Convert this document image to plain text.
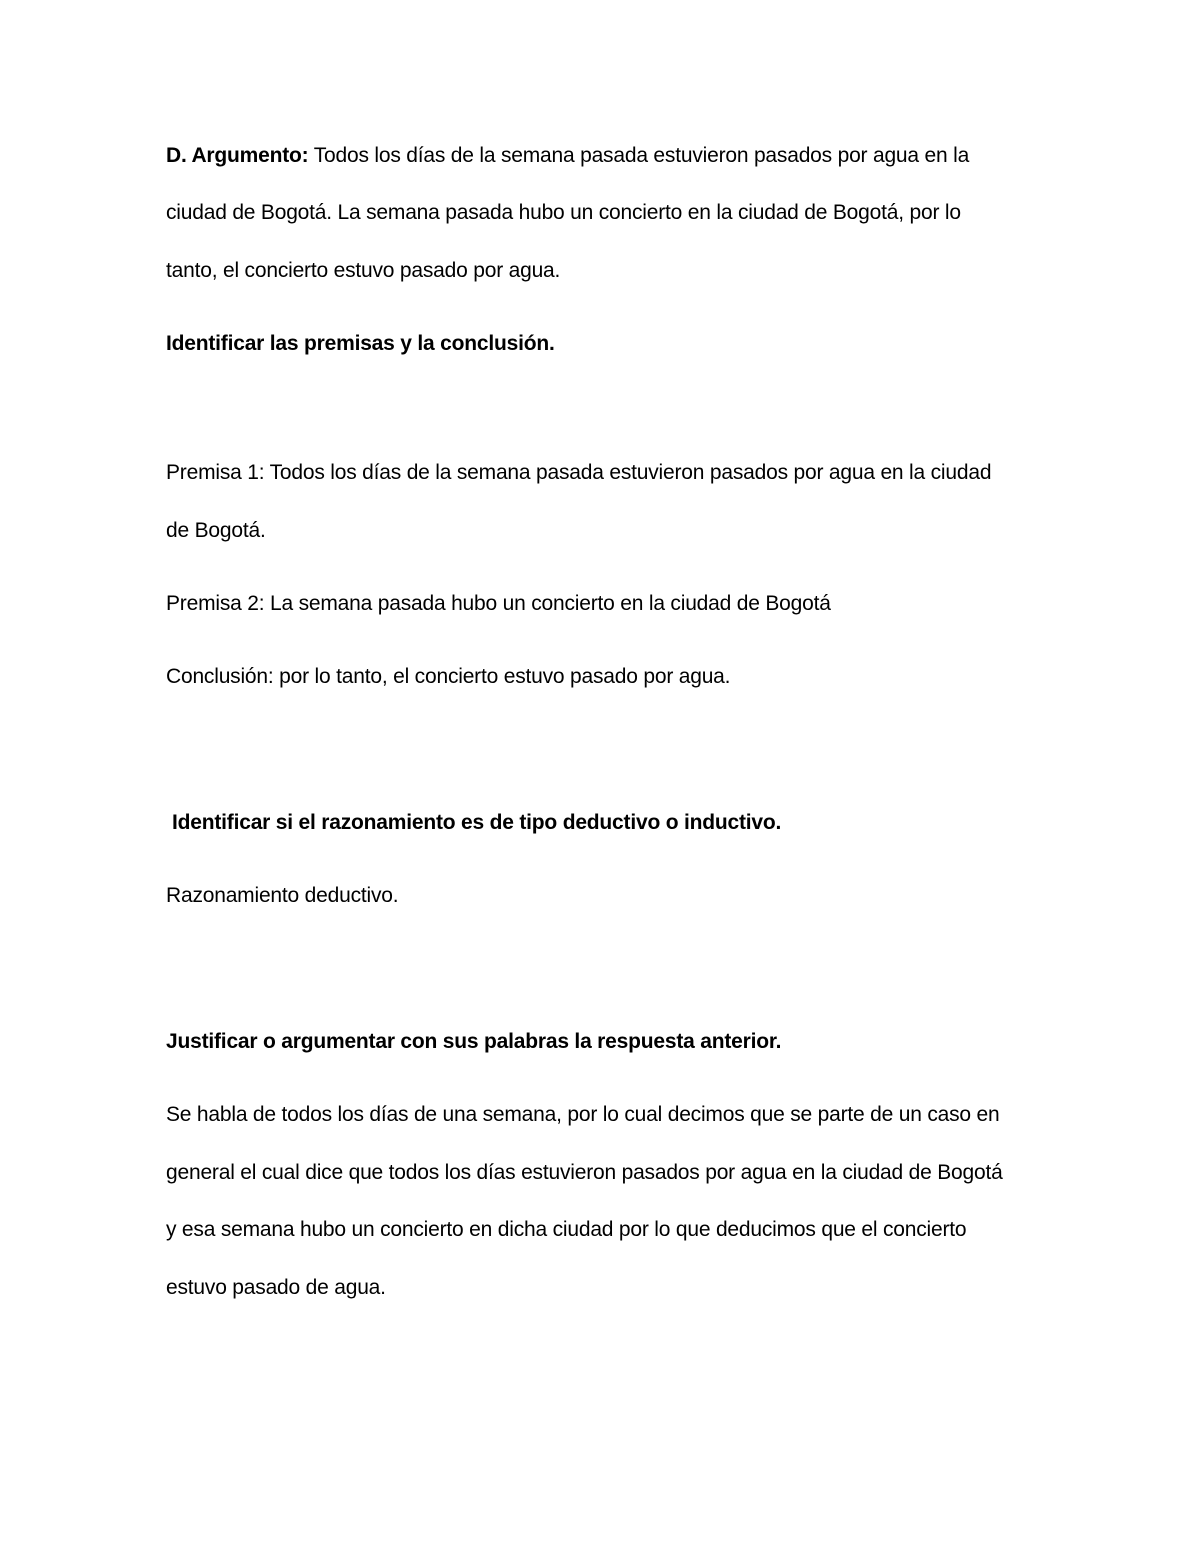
D. Argumento: Todos los días de la semana pasada estuvieron pasados por agua en la
ciudad de Bogotá. La semana pasada hubo un concierto en la ciudad de Bogotá, por lo
tanto, el concierto estuvo pasado por agua.
Identificar las premisas y la conclusión.
Premisa 1: Todos los días de la semana pasada estuvieron pasados por agua en la ciudad
de Bogotá.
Premisa 2: La semana pasada hubo un concierto en la ciudad de Bogotá
Conclusión: por lo tanto, el concierto estuvo pasado por agua.
Identificar si el razonamiento es de tipo deductivo o inductivo.
Razonamiento deductivo.
Justificar o argumentar con sus palabras la respuesta anterior.
Se habla de todos los días de una semana, por lo cual decimos que se parte de un caso en
general el cual dice que todos los días estuvieron pasados por agua en la ciudad de Bogotá
y esa semana hubo un concierto en dicha ciudad por lo que deducimos que el concierto
estuvo pasado de agua.
